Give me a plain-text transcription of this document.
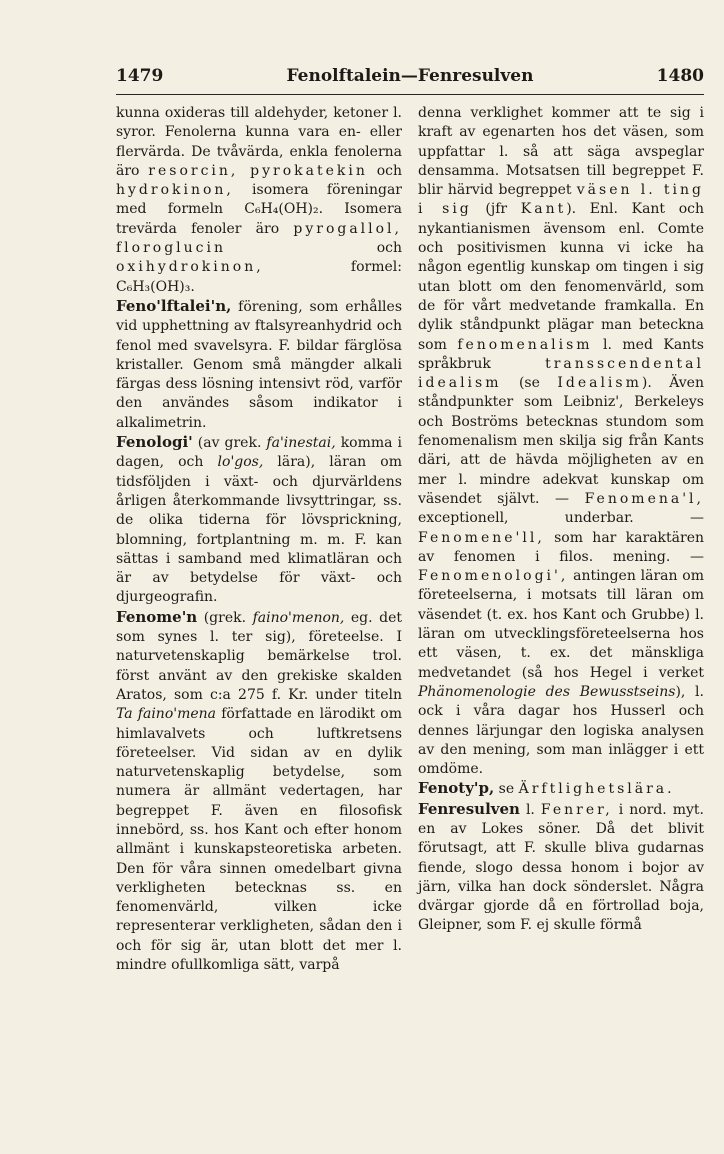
1479	Fenolftalein—Fenresulven	1480

kunna oxideras till aldehyder, ketoner l. syror. Fenolerna kunna vara en- eller flervärda. De tvåvärda, enkla fenolerna äro resorcin, pyrokatekin och hydrokinon, isomera föreningar med formeln C₆H₄(OH)₂. Isomera trevärda fenoler äro pyrogallol, floroglucin och oxihydrokinon, formel: C₆H₃(OH)₃.

Feno'lftalei'n, förening, som erhålles vid upphettning av ftalsyreanhydrid och fenol med svavelsyra. F. bildar färglösa kristaller. Genom små mängder alkali färgas dess lösning intensivt röd, varför den användes såsom indikator i alkalimetrin.

Fenologi' (av grek. fa'inestai, komma i dagen, och lo'gos, lära), läran om tidsföljden i växt- och djurvärldens årligen återkommande livsyttringar, ss. de olika tiderna för lövsprickning, blomning, fortplantning m. m. F. kan sättas i samband med klimatläran och är av betydelse för växt- och djurgeografin.

Fenome'n (grek. faino'menon, eg. det som synes l. ter sig), företeelse. I naturvetenskaplig bemärkelse trol. först använt av den grekiske skalden Aratos, som c:a 275 f. Kr. under titeln Ta faino'mena författade en lärodikt om himlavalvets och luftkretsens företeelser. Vid sidan av en dylik naturvetenskaplig betydelse, som numera är allmänt vedertagen, har begreppet F. även en filosofisk innebörd, ss. hos Kant och efter honom allmänt i kunskapsteoretiska arbeten. Den för våra sinnen omedelbart givna verkligheten betecknas ss. en fenomenvärld, vilken icke representerar verkligheten, sådan den i och för sig är, utan blott det mer l. mindre ofullkomliga sätt, varpå

denna verklighet kommer att te sig i kraft av egenarten hos det väsen, som uppfattar l. så att säga avspeglar densamma. Motsatsen till begreppet F. blir härvid begreppet väsen l. ting i sig (jfr Kant). Enl. Kant och nykantianismen ävensom enl. Comte och positivismen kunna vi icke ha någon egentlig kunskap om tingen i sig utan blott om den fenomenvärld, som de för vårt medvetande framkalla. En dylik ståndpunkt plägar man beteckna som fenomenalism l. med Kants språkbruk transscendental idealism (se Idealism). Även ståndpunkter som Leibniz', Berkeleys och Boströms betecknas stundom som fenomenalism men skilja sig från Kants däri, att de hävda möjligheten av en mer l. mindre adekvat kunskap om väsendet självt. — Fenomena'l, exceptionell, underbar. — Fenomene'll, som har karaktären av fenomen i filos. mening. — Fenomenologi', antingen läran om företeelserna, i motsats till läran om väsendet (t. ex. hos Kant och Grubbe) l. läran om utvecklingsföreteelserna hos ett väsen, t. ex. det mänskliga medvetandet (så hos Hegel i verket Phänomenologie des Bewusstseins), l. ock i våra dagar hos Husserl och dennes lärjungar den logiska analysen av den mening, som man inlägger i ett omdöme.

Fenoty'p, se Ärftlighetslära.

Fenresulven l. Fenrer, i nord. myt. en av Lokes söner. Då det blivit förutsagt, att F. skulle bliva gudarnas fiende, slogo dessa honom i bojor av järn, vilka han dock sönderslet. Några dvärgar gjorde då en förtrollad boja, Gleipner, som F. ej skulle förmå
